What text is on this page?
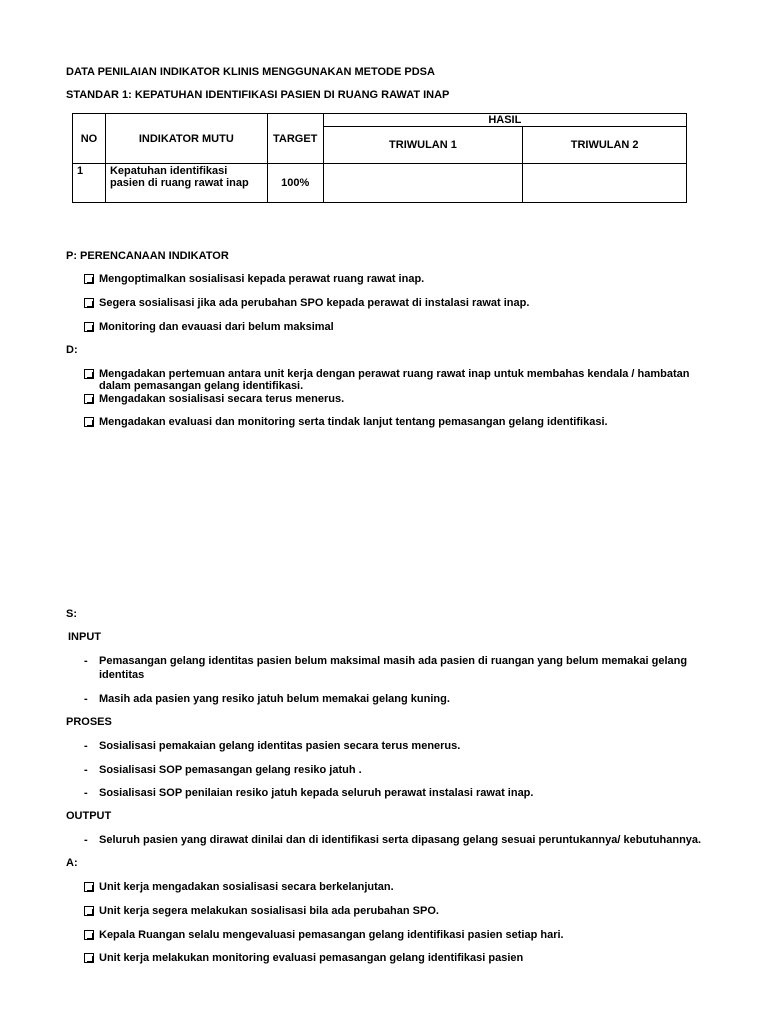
DATA PENILAIAN INDIKATOR KLINIS MENGGUNAKAN METODE PDSA
STANDAR 1: KEPATUHAN IDENTIFIKASI PASIEN DI RUANG RAWAT INAP
NO	INDIKATOR MUTU	TARGET	HASIL	
			TRIWULAN 1	TRIWULAN 2
1	Kepatuhan identifikasi
pasien di ruang rawat inap	100%		
P: PERENCANAAN INDIKATOR
Mengoptimalkan sosialisasi kepada perawat ruang rawat inap.
Segera sosialisasi jika ada perubahan SPO kepada perawat di instalasi rawat inap.
Monitoring dan evauasi dari belum maksimal
D:
Mengadakan pertemuan antara unit kerja dengan perawat ruang rawat inap untuk membahas kendala / hambatan dalam pemasangan gelang identifikasi.
Mengadakan sosialisasi secara terus menerus.
Mengadakan evaluasi dan monitoring serta tindak lanjut tentang pemasangan gelang identifikasi.
S:
INPUT
-	Pemasangan gelang identitas pasien belum maksimal masih ada pasien di ruangan yang belum memakai gelang identitas
-	Masih ada pasien yang resiko jatuh belum memakai gelang kuning.
PROSES
-	Sosialisasi pemakaian gelang identitas pasien secara terus menerus.
-	Sosialisasi SOP pemasangan gelang resiko jatuh .
-	Sosialisasi SOP penilaian resiko jatuh kepada seluruh perawat instalasi rawat inap.
OUTPUT
-	Seluruh pasien yang dirawat dinilai dan di identifikasi serta dipasang gelang sesuai peruntukannya/ kebutuhannya.
A:
Unit kerja mengadakan sosialisasi secara berkelanjutan.
Unit kerja segera melakukan sosialisasi bila ada perubahan SPO.
Kepala Ruangan selalu mengevaluasi pemasangan gelang identifikasi pasien setiap hari.
Unit kerja melakukan monitoring evaluasi pemasangan gelang identifikasi pasien
